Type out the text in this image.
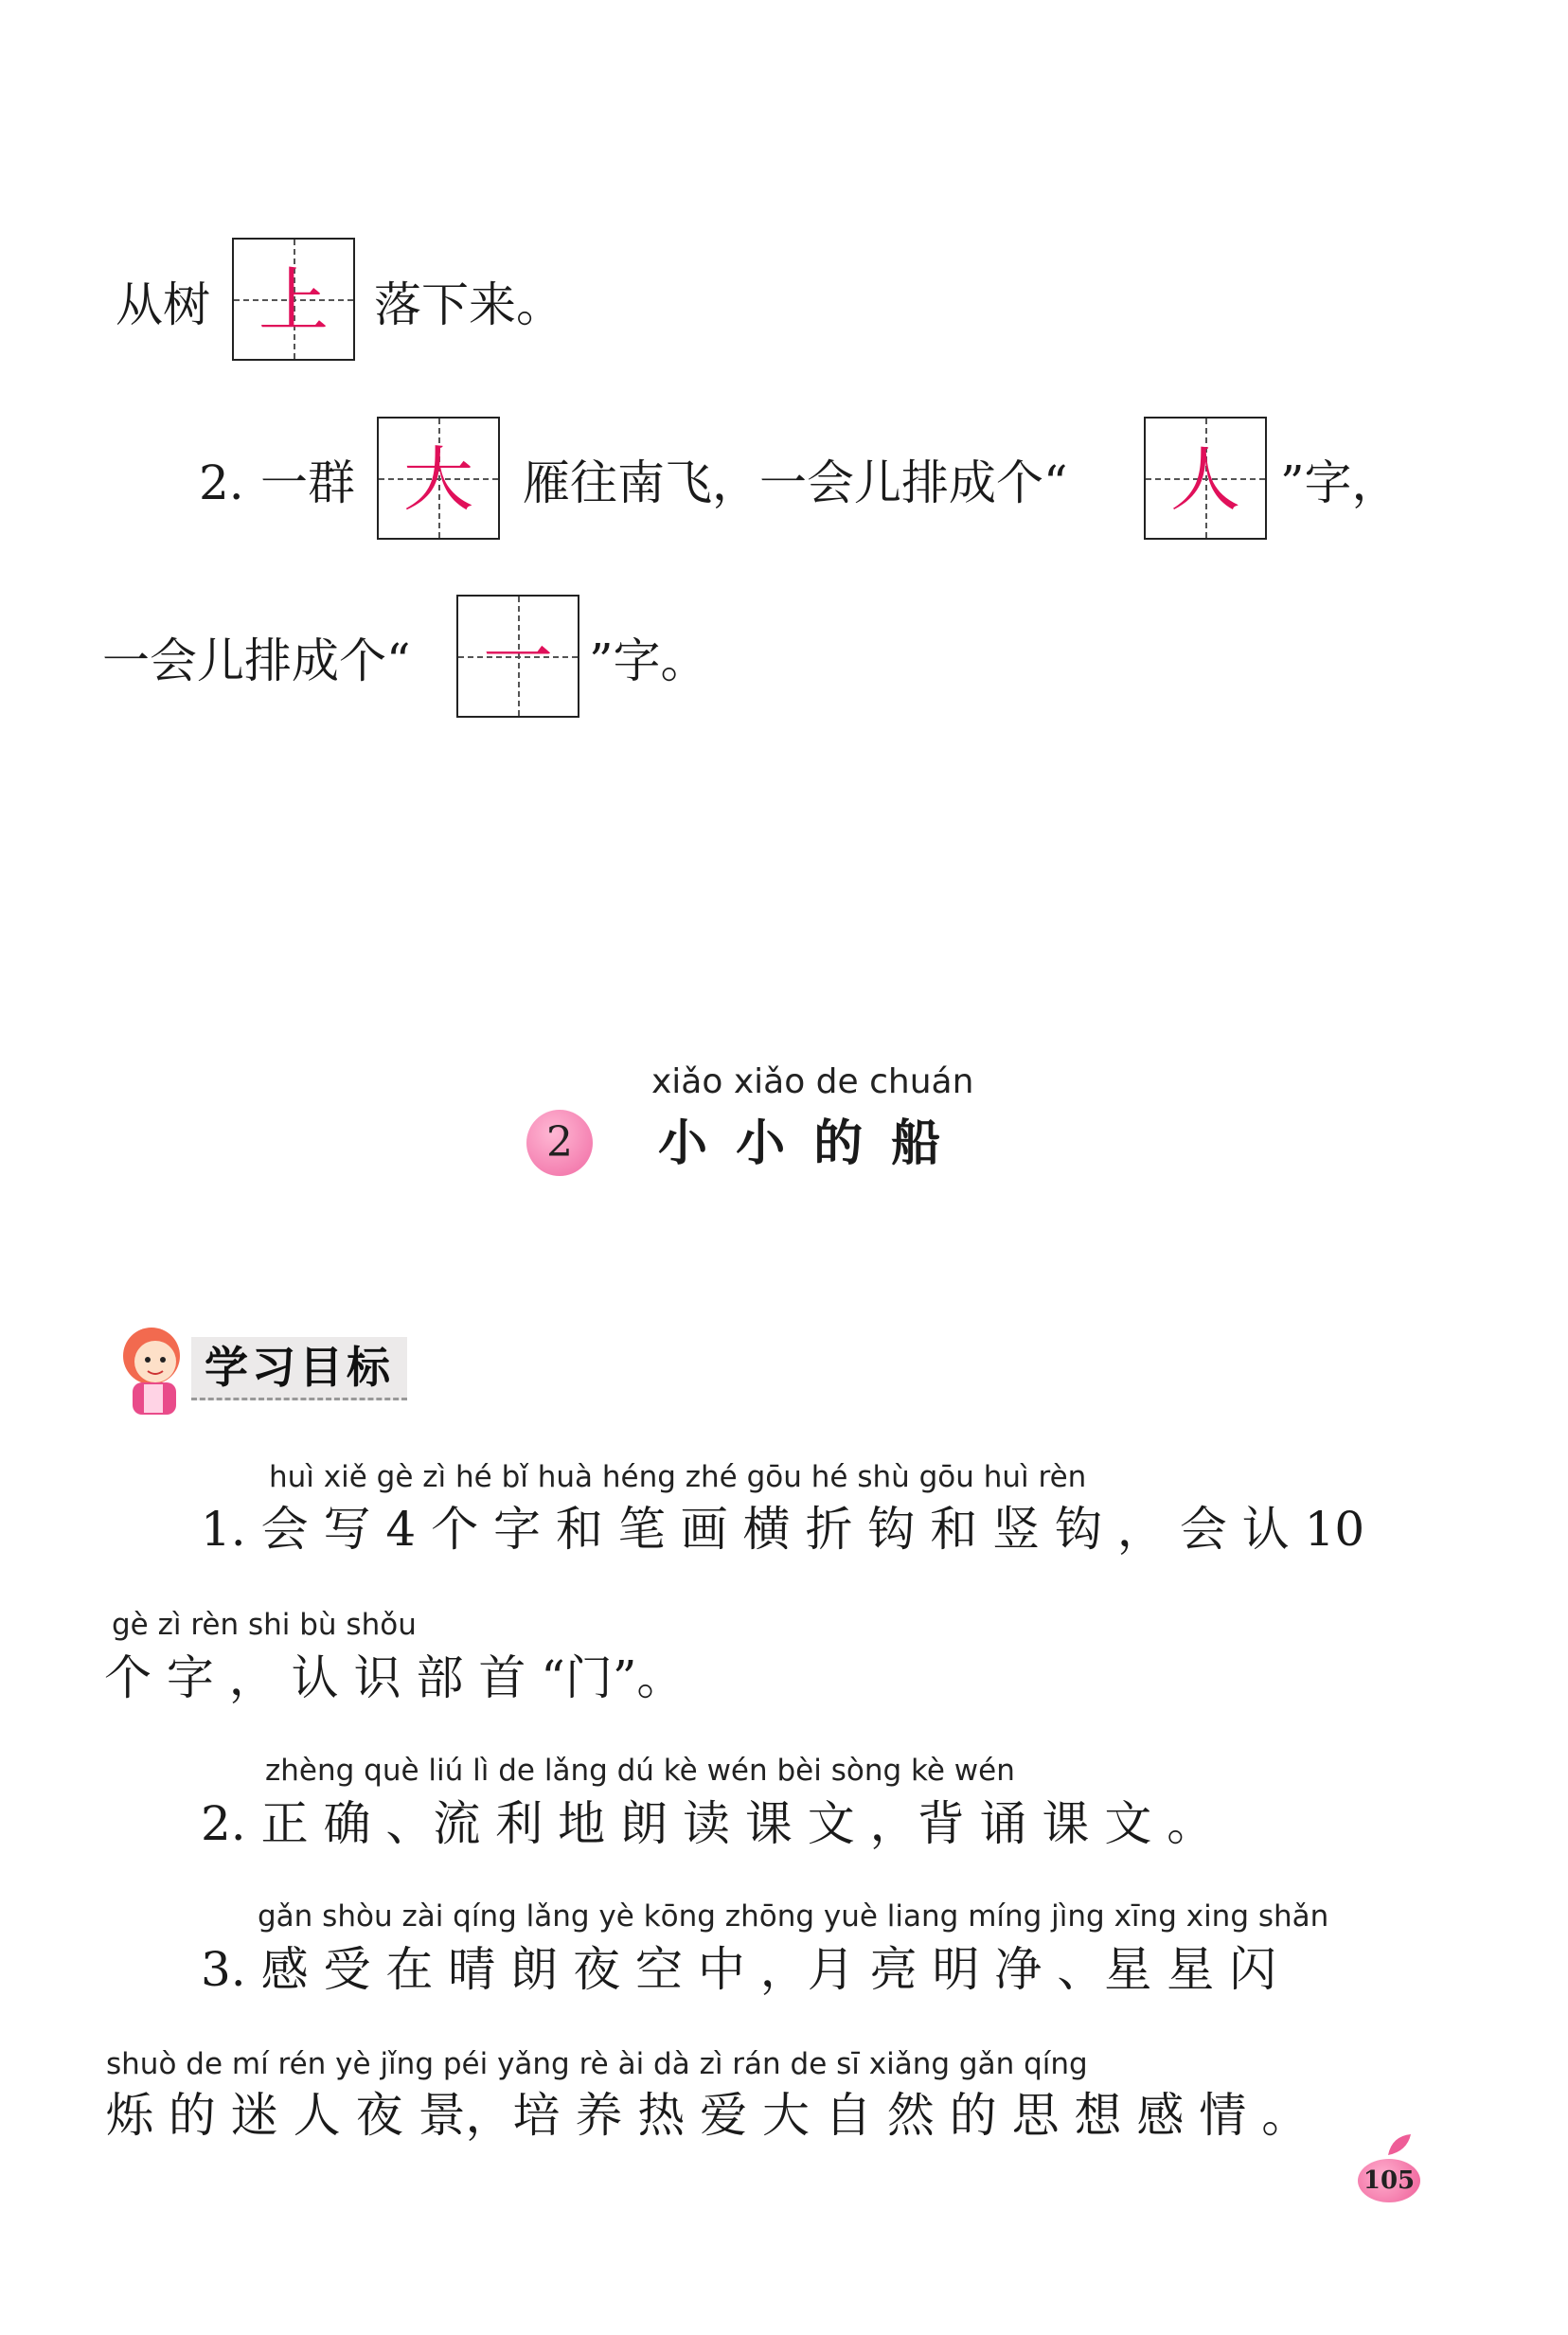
从树 上 落下来。
2. 一群 大	雁往南飞，一会儿排成个“	人 ”字，
一会儿排成个“	一 ”字。
xiǎo xiǎo de chuán
2	小 小 的 船
学习目标
huì xiě gè zì hé bǐ huà héng zhé gōu hé shù gōu huì rèn
1. 会 写 4 个 字 和 笔 画 横 折 钩 和 竖 钩 ， 会 认 10
gè zì rèn shi bù shǒu
个 字 ， 认 识 部 首 “门”。
zhèng què liú lì de lǎng dú kè wén bèi sòng kè wén
2. 正 确 、流 利 地 朗 读 课 文 ，背 诵 课 文 。
gǎn shòu zài qíng lǎng yè kōng zhōng yuè liang míng jìng xīng xing shǎn
3. 感 受 在 晴 朗 夜 空 中 ，月 亮 明 净 、星 星 闪
shuò de mí rén yè jǐng péi yǎng rè ài dà zì rán de sī xiǎng gǎn qíng
烁 的 迷 人 夜 景，培 养 热 爱 大 自 然 的 思 想 感 情 。
105
